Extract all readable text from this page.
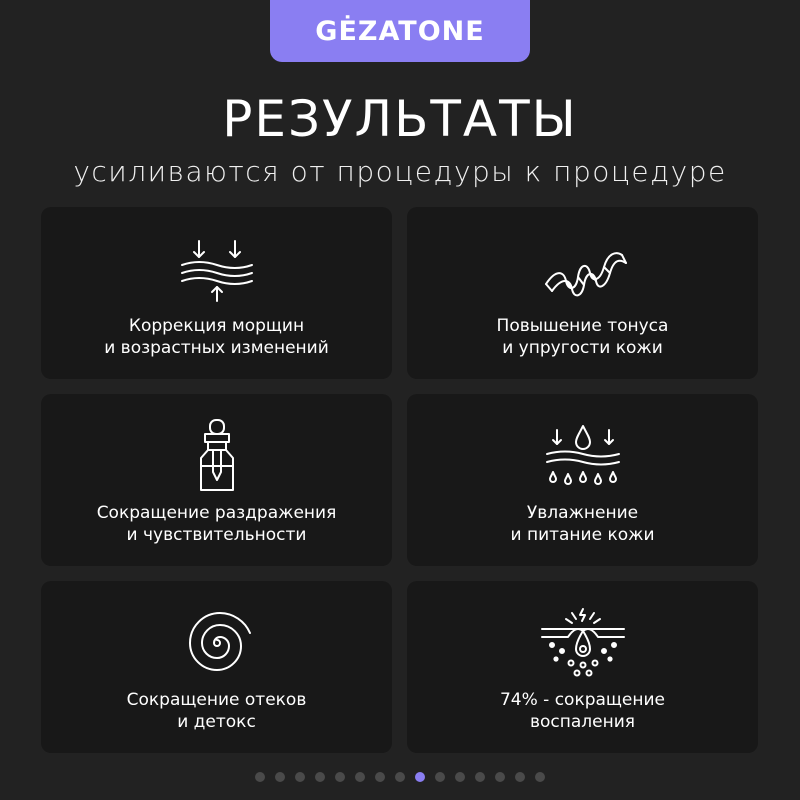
GĖZATONE
РЕЗУЛЬТАТЫ
усиливаются от процедуры к процедуре
Коррекция морщин
и возрастных изменений
Повышение тонуса
и упругости кожи
Сокращение раздражения
и чувствительности
Увлажнение
и питание кожи
Сокращение отеков
и детокс
74% - сокращение
воспаления
